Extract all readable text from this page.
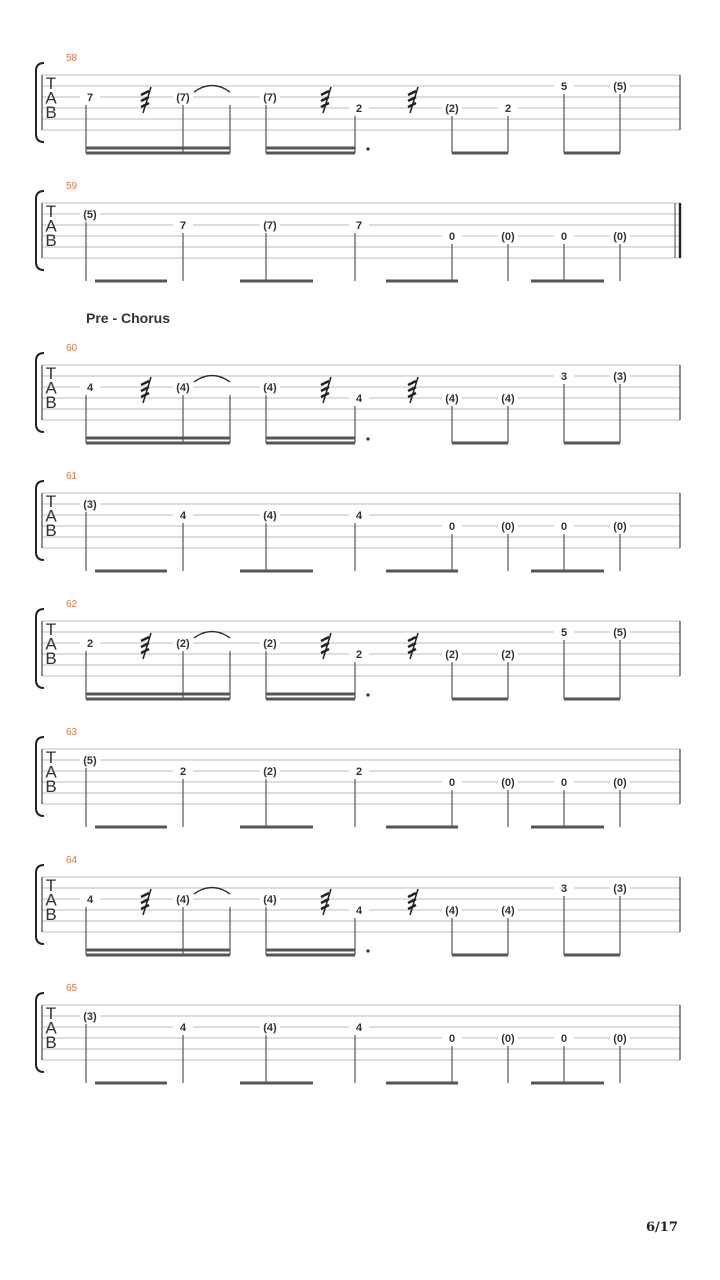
58
T
A
B
7	(7)	(7)
2	(2)	2
5	(5)
59
T
A
B
(5)
7	(7)	7
0	(0)	0	(0)
60
T
A
B
4	(4)	(4)
4	(4)	(4)
3	(3)
61
T
A
B
(3)
4	(4)	4
0	(0)	0	(0)
62
T
A
B
2	(2)	(2)
2	(2)	(2)
5	(5)
63
T
A
B
(5)
2	(2)	2
0	(0)	0	(0)
64
T
A
B
4	(4)	(4)
4	(4)	(4)
3	(3)
65
T
A
B
(3)
4	(4)	4
0	(0)	0	(0)
Pre - Chorus
6/17
